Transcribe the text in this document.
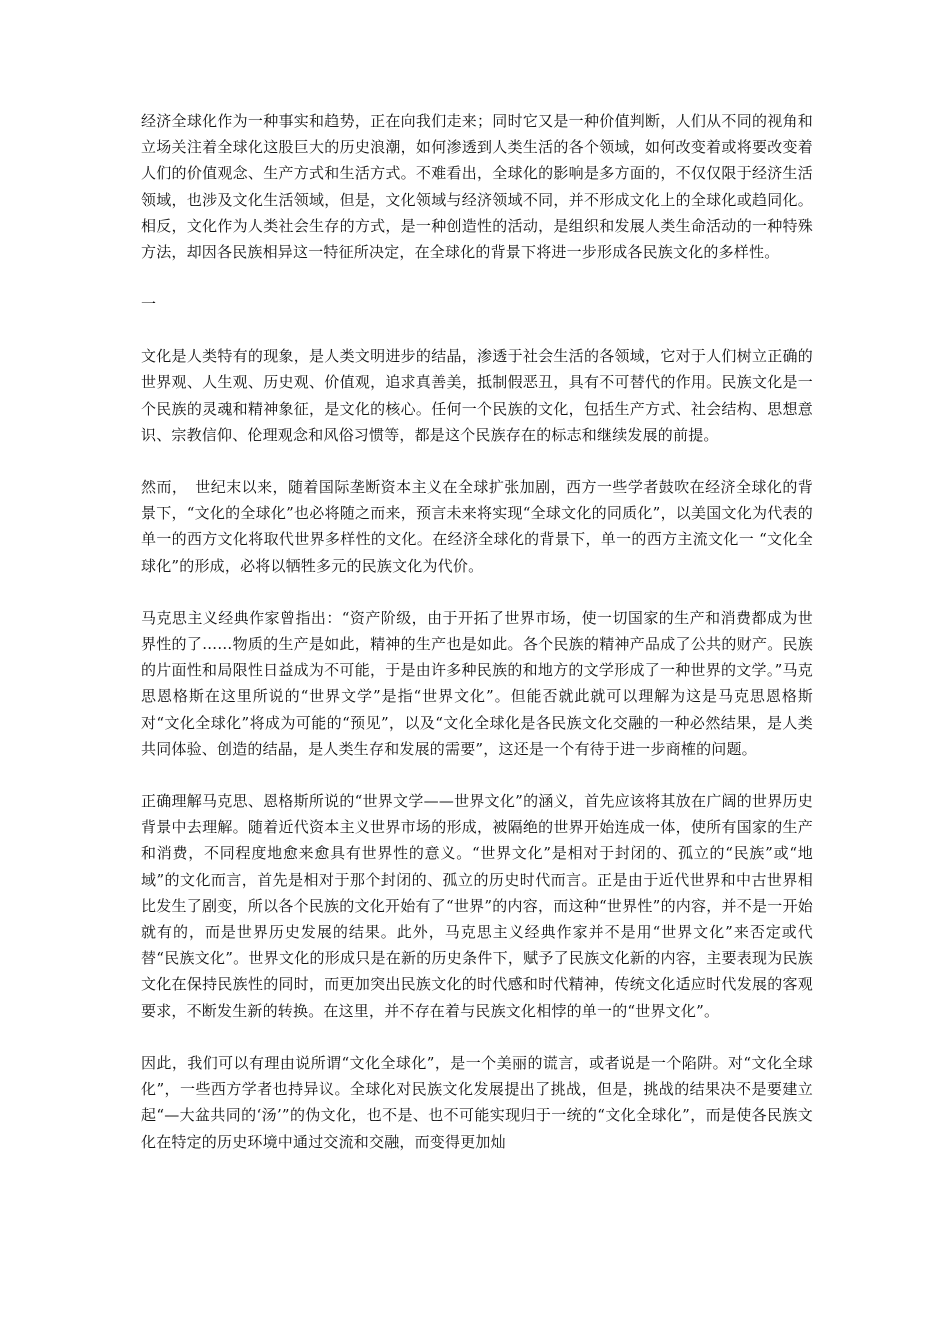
经济全球化作为一种事实和趋势，正在向我们走来；同时它又是一种价值判断，人们从不同的视角和立场关注着全球化这股巨大的历史浪潮，如何渗透到人类生活的各个领域，如何改变着或将要改变着人们的价值观念、生产方式和生活方式。不难看出，全球化的影响是多方面的，不仅仅限于经济生活领域，也涉及文化生活领域，但是，文化领域与经济领域不同，并不形成文化上的全球化或趋同化。相反，文化作为人类社会生存的方式，是一种创造性的活动，是组织和发展人类生命活动的一种特殊方法，却因各民族相异这一特征所决定，在全球化的背景下将进一步形成各民族文化的多样性。

一

文化是人类特有的现象，是人类文明进步的结晶，渗透于社会生活的各领域，它对于人们树立正确的世界观、人生观、历史观、价值观，追求真善美，抵制假恶丑，具有不可替代的作用。民族文化是一个民族的灵魂和精神象征，是文化的核心。任何一个民族的文化，包括生产方式、社会结构、思想意识、宗教信仰、伦理观念和风俗习惯等，都是这个民族存在的标志和继续发展的前提。

然而，　世纪末以来，随着国际垄断资本主义在全球扩张加剧，西方一些学者鼓吹在经济全球化的背景下，“文化的全球化”也必将随之而来，预言未来将实现“全球文化的同质化”，以美国文化为代表的单一的西方文化将取代世界多样性的文化。在经济全球化的背景下，单一的西方主流文化一 “文化全球化”的形成，必将以牺牲多元的民族文化为代价。

马克思主义经典作家曾指出：“资产阶级，由于开拓了世界市场，使一切国家的生产和消费都成为世界性的了……物质的生产是如此，精神的生产也是如此。各个民族的精神产品成了公共的财产。民族的片面性和局限性日益成为不可能，于是由许多种民族的和地方的文学形成了一种世界的文学。”马克思恩格斯在这里所说的“世界文学”是指“世界文化”。但能否就此就可以理解为这是马克思恩格斯对“文化全球化”将成为可能的“预见”，以及“文化全球化是各民族文化交融的一种必然结果，是人类共同体验、创造的结晶，是人类生存和发展的需要”，这还是一个有待于进一步商榷的问题。

正确理解马克思、恩格斯所说的“世界文学——世界文化”的涵义，首先应该将其放在广阔的世界历史背景中去理解。随着近代资本主义世界市场的形成，被隔绝的世界开始连成一体，使所有国家的生产和消费，不同程度地愈来愈具有世界性的意义。“世界文化”是相对于封闭的、孤立的“民族”或“地域”的文化而言，首先是相对于那个封闭的、孤立的历史时代而言。正是由于近代世界和中古世界相比发生了剧变，所以各个民族的文化开始有了“世界”的内容，而这种“世界性”的内容，并不是一开始就有的，而是世界历史发展的结果。此外，马克思主义经典作家并不是用“世界文化”来否定或代替“民族文化”。世界文化的形成只是在新的历史条件下，赋予了民族文化新的内容，主要表现为民族文化在保持民族性的同时，而更加突出民族文化的时代感和时代精神，传统文化适应时代发展的客观要求，不断发生新的转换。在这里，并不存在着与民族文化相悖的单一的“世界文化”。

因此，我们可以有理由说所谓“文化全球化”，是一个美丽的谎言，或者说是一个陷阱。对“文化全球化”，一些西方学者也持异议。全球化对民族文化发展提出了挑战，但是，挑战的结果决不是要建立起“—大盆共同的‘汤’”的伪文化，也不是、也不可能实现归于一统的“文化全球化”，而是使各民族文化在特定的历史环境中通过交流和交融，而变得更加灿
